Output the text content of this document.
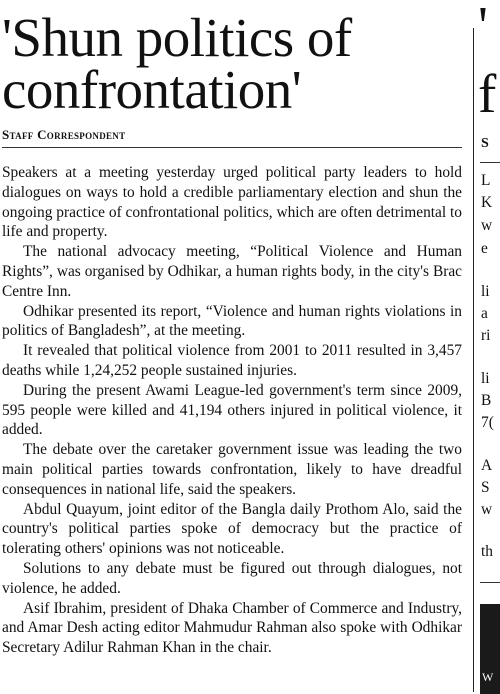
'Shun politics of
confrontation'
Staff Correspondent

Speakers at a meeting yesterday urged political party leaders to hold dialogues on ways to hold a credible parliamentary election and shun the ongoing practice of confrontational politics, which are often detrimental to life and property.

The national advocacy meeting, “Political Violence and Human Rights”, was organised by Odhikar, a human rights body, in the city's Brac Centre Inn.

Odhikar presented its report, “Violence and human rights violations in politics of Bangladesh”, at the meeting.

It revealed that political violence from 2001 to 2011 resulted in 3,457 deaths while 1,24,252 people sustained injuries.

During the present Awami League-led government's term since 2009, 595 people were killed and 41,194 others injured in political violence, it added.

The debate over the caretaker government issue was leading the two main political parties towards confrontation, likely to have dreadful consequences in national life, said the speakers.

Abdul Quayum, joint editor of the Bangla daily Prothom Alo, said the country's political parties spoke of democracy but the practice of tolerating others' opinions was not noticeable.

Solutions to any debate must be figured out through dialogues, not violence, he added.

Asif Ibrahim, president of Dhaka Chamber of Commerce and Industry, and Amar Desh acting editor Mahmudur Rahman also spoke with Odhikar Secretary Adilur Rahman Khan in the chair.

'
f
S
L
K
w
e
li
a
ri
li
B
7(
A
S
w
th
W
